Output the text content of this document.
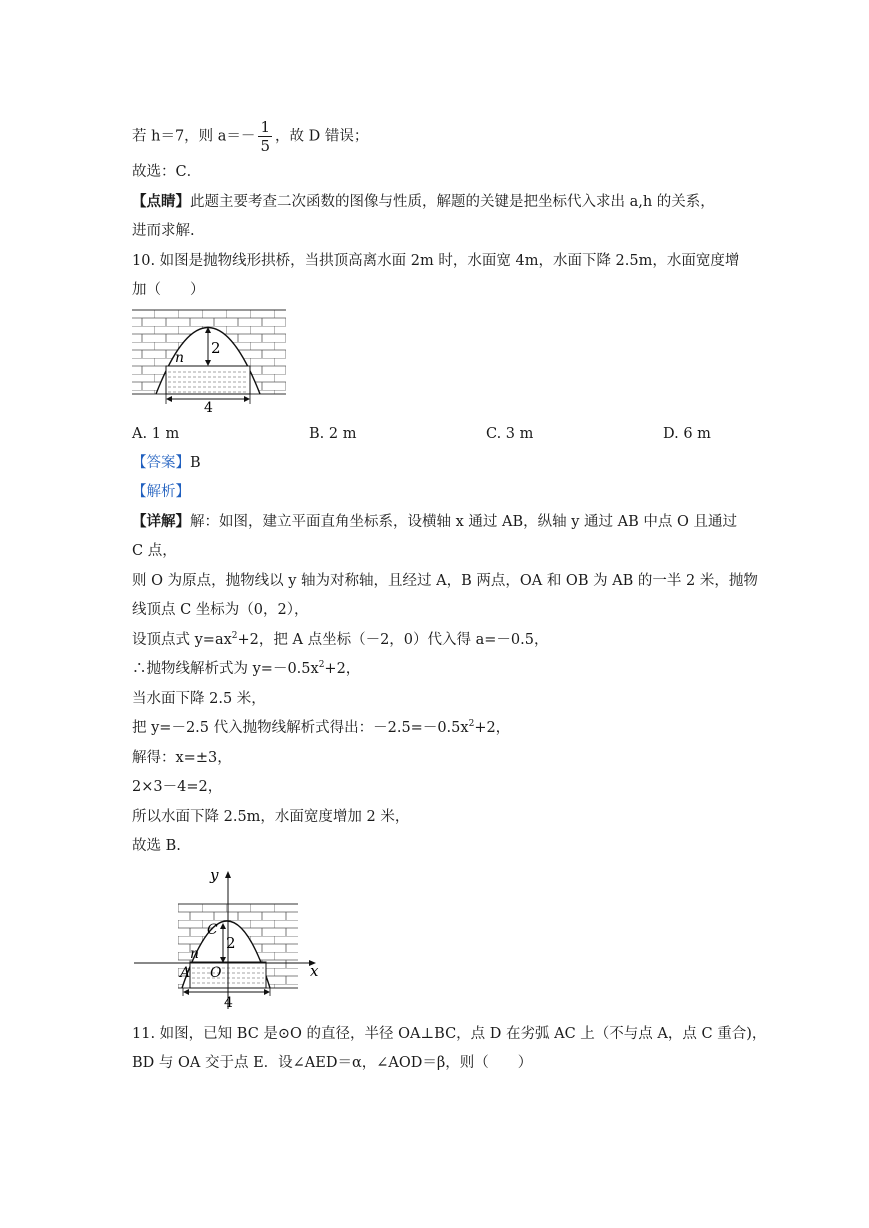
若 h＝7，则 $a=- \frac{1}{5}$ ，故 D 错误；
故选：C．
【点睛】此题主要考查二次函数的图像与性质，解题的关键是把坐标代入求出 a,h 的关系，
进而求解.
10. 如图是抛物线形拱桥，当拱顶高离水面 2m 时，水面宽 4m，水面下降 2.5m，水面宽度增
加（　　）
2
n
4
A. 1 m	B. 2 m	C. 3 m	D. 6 m
【答案】B
【解析】
【详解】解：如图，建立平面直角坐标系，设横轴 x 通过 AB，纵轴 y 通过 AB 中点 O 且通过
C 点，
则 O 为原点，抛物线以 y 轴为对称轴，且经过 A，B 两点，OA 和 OB 为 AB 的一半 2 米，抛物
线顶点 C 坐标为（0，2），
设顶点式 $y=ax^2+2$，把 A 点坐标（－2，0）代入得 a=－0.5，
∴抛物线解析式为 $y=-0.5x^2+2$，
当水面下降 2.5 米，
把 y=－2.5 代入抛物线解析式得出：$-2.5=-0.5x^2+2$，
解得：x=±3，
2×3－4=2，
所以水面下降 2.5m，水面宽度增加 2 米，
故选 B.
y
x
C
2
n
A O
4
11. 如图，已知 BC 是⊙O 的直径，半径 OA⊥BC，点 D 在劣弧 AC 上（不与点 A，点 C 重合)，
BD 与 OA 交于点 E．设∠AED＝α，∠AOD＝β，则（　　）
